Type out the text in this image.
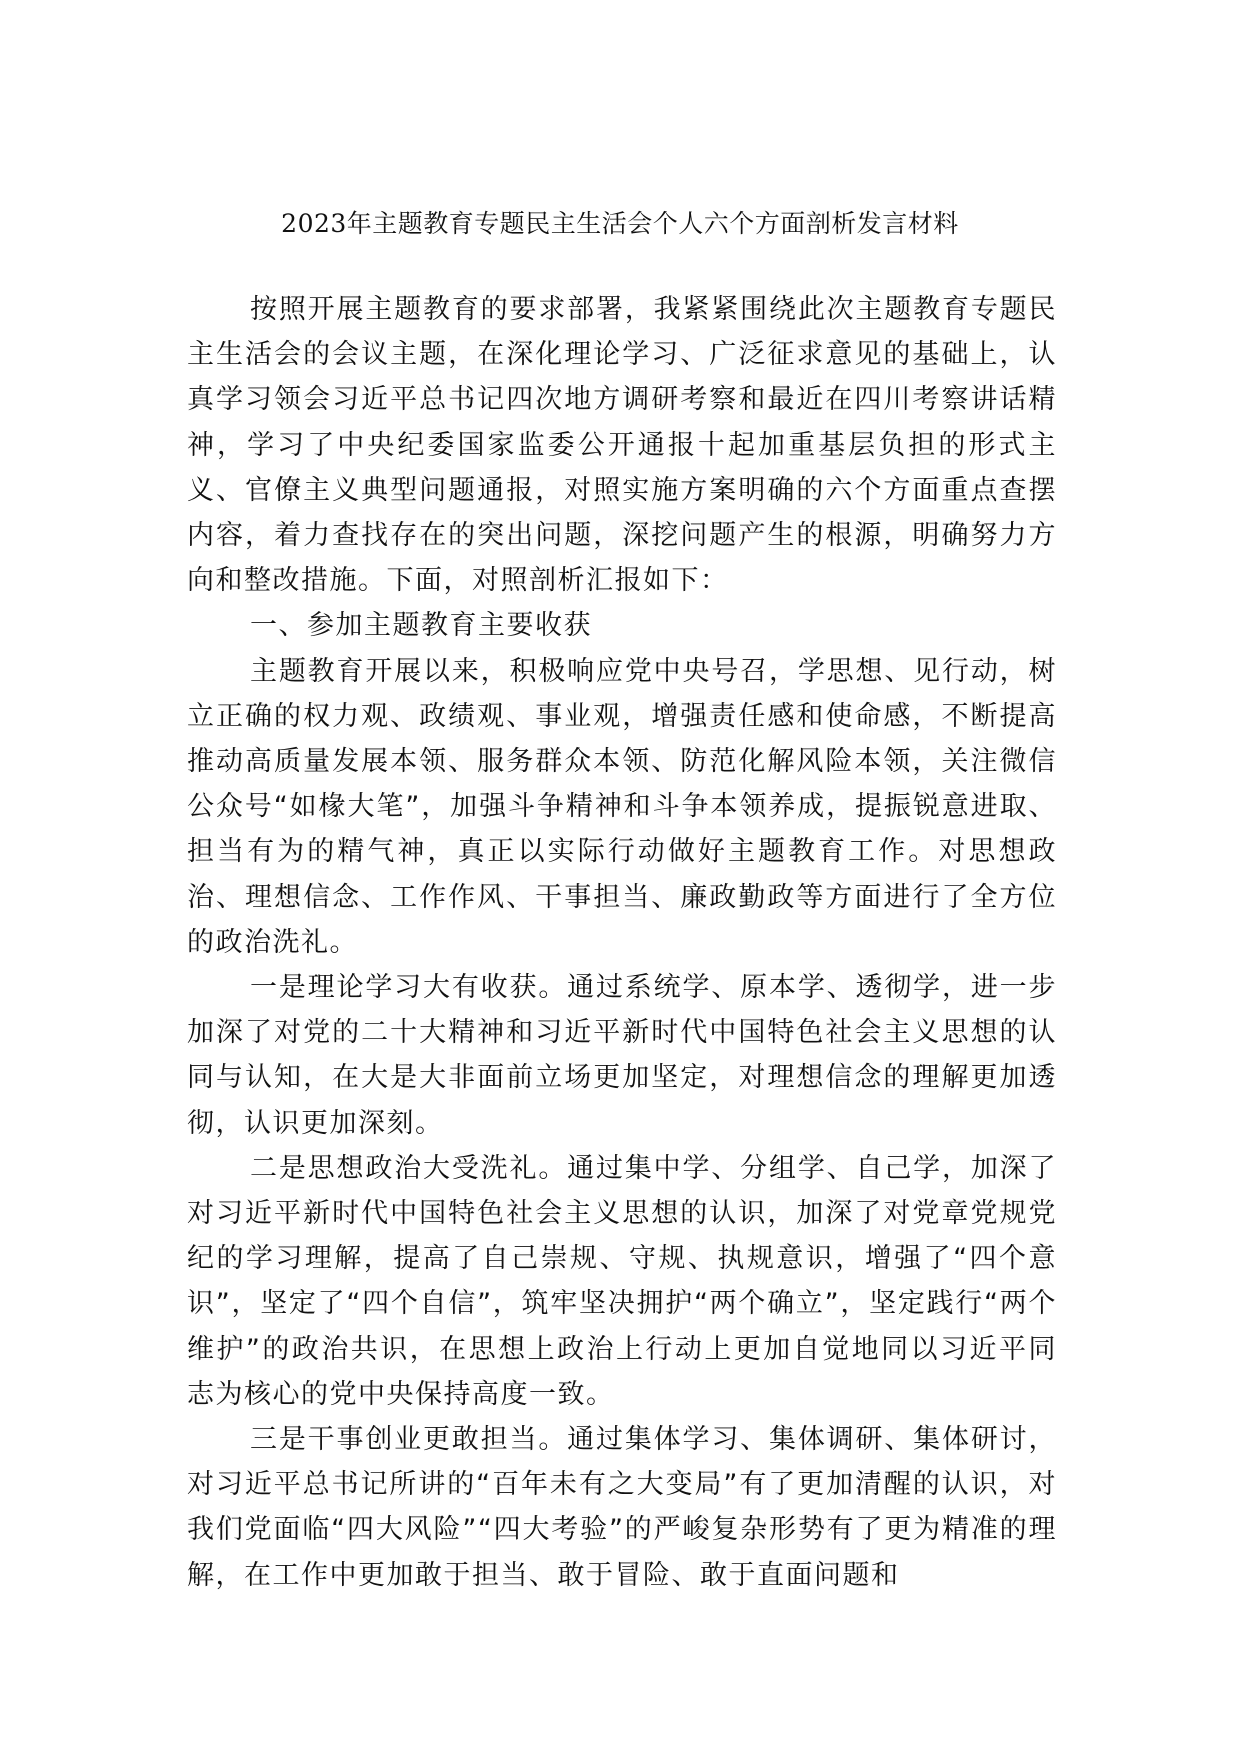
2023年主题教育专题民主生活会个人六个方面剖析发言材料

按照开展主题教育的要求部署，我紧紧围绕此次主题教育专题民主生活会的会议主题，在深化理论学习、广泛征求意见的基础上，认真学习领会习近平总书记四次地方调研考察和最近在四川考察讲话精神，学习了中央纪委国家监委公开通报十起加重基层负担的形式主义、官僚主义典型问题通报，对照实施方案明确的六个方面重点查摆内容，着力查找存在的突出问题，深挖问题产生的根源，明确努力方向和整改措施。下面，对照剖析汇报如下：

一、参加主题教育主要收获

主题教育开展以来，积极响应党中央号召，学思想、见行动，树立正确的权力观、政绩观、事业观，增强责任感和使命感，不断提高推动高质量发展本领、服务群众本领、防范化解风险本领，关注微信公众号“如椽大笔”，加强斗争精神和斗争本领养成，提振锐意进取、担当有为的精气神，真正以实际行动做好主题教育工作。对思想政治、理想信念、工作作风、干事担当、廉政勤政等方面进行了全方位的政治洗礼。

一是理论学习大有收获。通过系统学、原本学、透彻学，进一步加深了对党的二十大精神和习近平新时代中国特色社会主义思想的认同与认知，在大是大非面前立场更加坚定，对理想信念的理解更加透彻，认识更加深刻。

二是思想政治大受洗礼。通过集中学、分组学、自己学，加深了对习近平新时代中国特色社会主义思想的认识，加深了对党章党规党纪的学习理解，提高了自己崇规、守规、执规意识，增强了“四个意识”，坚定了“四个自信”，筑牢坚决拥护“两个确立”，坚定践行“两个维护”的政治共识，在思想上政治上行动上更加自觉地同以习近平同志为核心的党中央保持高度一致。

三是干事创业更敢担当。通过集体学习、集体调研、集体研讨，对习近平总书记所讲的“百年未有之大变局”有了更加清醒的认识，对我们党面临“四大风险”“四大考验”的严峻复杂形势有了更为精准的理解，在工作中更加敢于担当、敢于冒险、敢于直面问题和
